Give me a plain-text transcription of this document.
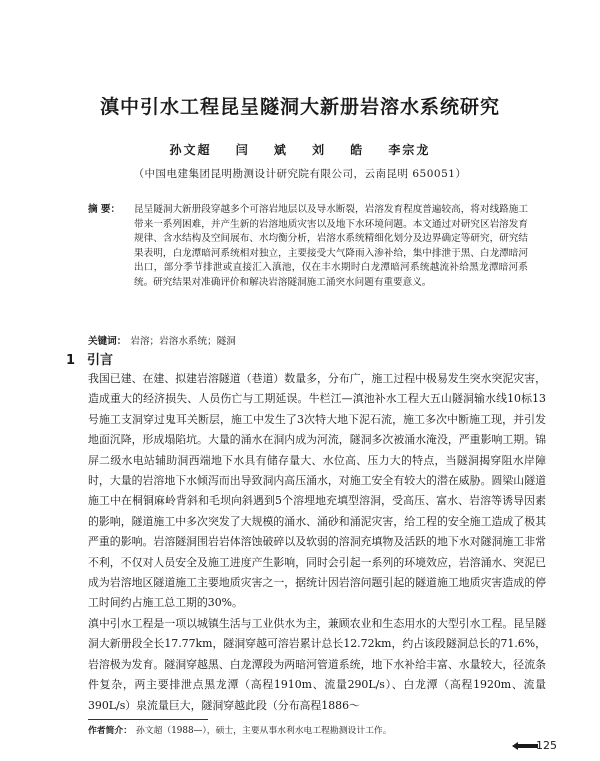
滇中引水工程昆呈隧洞大新册岩溶水系统研究
孙文超 闫 斌 刘 皓 李宗龙
（中国电建集团昆明勘测设计研究院有限公司，云南昆明 650051）
摘 要： 昆呈隧洞大新册段穿越多个可溶岩地层以及导水断裂，岩溶发育程度普遍较高，将对线路施工带来一系列困难，并产生新的岩溶地质灾害以及地下水环境问题。本文通过对研究区岩溶发育规律、含水结构及空间展布、水均衡分析，岩溶水系统精细化划分及边界确定等研究，研究结果表明，白龙潭暗河系统相对独立，主要接受大气降雨入渗补给，集中排泄于黑、白龙潭暗河出口，部分季节排泄或直接汇入滇池，仅在丰水期时白龙潭暗河系统越流补给黑龙潭暗河系统。研究结果对准确评价和解决岩溶隧洞施工涌突水问题有重要意义。
关键词： 岩溶；岩溶水系统；隧洞
1 引言
我国已建、在建、拟建岩溶隧道（巷道）数量多，分布广，施工过程中极易发生突水突泥灾害，造成重大的经济损失、人员伤亡与工期延误。牛栏江—滇池补水工程大五山隧洞输水线10标13号施工支洞穿过鬼耳关断层，施工中发生了3次特大地下泥石流，施工多次中断施工现，并引发地面沉降，形成塌陷坑。大量的涌水在洞内成为河流，隧洞多次被涌水淹没，严重影响工期。锦屏二级水电站辅助洞西端地下水具有储存量大、水位高、压力大的特点，当隧洞揭穿阻水岸障时，大量的岩溶地下水倾泻而出导致洞内高压涌水，对施工安全有较大的潜在威胁。圆梁山隧道施工中在桐铜麻岭背斜和毛坝向斜遇到5个溶埋地充填型溶洞，受高压、富水、岩溶等诱导因素的影响，隧道施工中多次突发了大规模的涌水、涌砂和涌泥灾害，给工程的安全施工造成了极其严重的影响。岩溶隧洞围岩岩体溶蚀破碎以及软弱的溶洞充填物及活跃的地下水对隧洞施工非常不利，不仅对人员安全及施工进度产生影响，同时会引起一系列的环境效应，岩溶涌水、突泥已成为岩溶地区隧道施工主要地质灾害之一，据统计因岩溶问题引起的隧道施工地质灾害造成的停工时间约占施工总工期的30%。
滇中引水工程是一项以城镇生活与工业供水为主，兼顾农业和生态用水的大型引水工程。昆呈隧洞大新册段全长17.77km，隧洞穿越可溶岩累计总长12.72km，约占该段隧洞总长的71.6%，岩溶极为发育。隧洞穿越黑、白龙潭段为两暗河管道系统，地下水补给丰富、水量较大，径流条件复杂，两主要排泄点黑龙潭（高程1910m、流量290L/s）、白龙潭（高程1920m、流量390L/s）泉流量巨大，隧洞穿越此段（分布高程1886～
作者简介： 孙文超（1988—），硕士，主要从事水利水电工程勘测设计工作。
125
